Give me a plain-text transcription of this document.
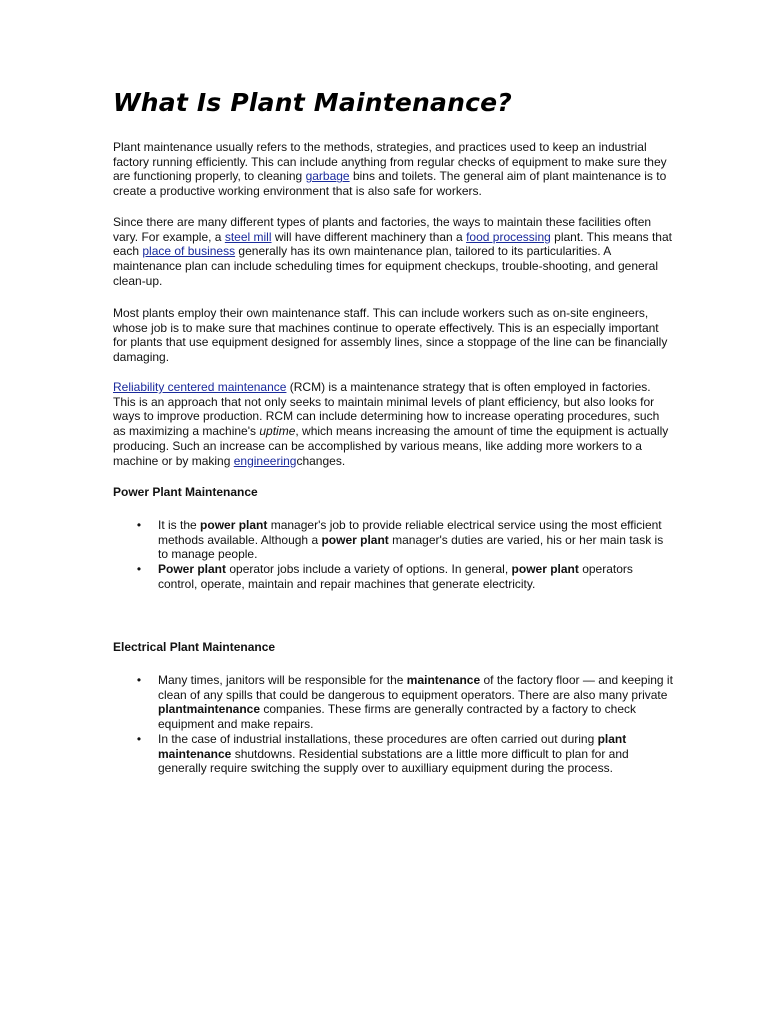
What Is Plant Maintenance?

Plant maintenance usually refers to the methods, strategies, and practices used to keep an industrial factory running efficiently. This can include anything from regular checks of equipment to make sure they are functioning properly, to cleaning garbage bins and toilets. The general aim of plant maintenance is to create a productive working environment that is also safe for workers.

Since there are many different types of plants and factories, the ways to maintain these facilities often vary. For example, a steel mill will have different machinery than a food processing plant. This means that each place of business generally has its own maintenance plan, tailored to its particularities. A maintenance plan can include scheduling times for equipment checkups, trouble-shooting, and general clean-up.

Most plants employ their own maintenance staff. This can include workers such as on-site engineers, whose job is to make sure that machines continue to operate effectively. This is an especially important for plants that use equipment designed for assembly lines, since a stoppage of the line can be financially damaging.

Reliability centered maintenance (RCM) is a maintenance strategy that is often employed in factories. This is an approach that not only seeks to maintain minimal levels of plant efficiency, but also looks for ways to improve production. RCM can include determining how to increase operating procedures, such as maximizing a machine's uptime, which means increasing the amount of time the equipment is actually producing. Such an increase can be accomplished by various means, like adding more workers to a machine or by making engineeringchanges.

Power Plant Maintenance
•	It is the power plant manager's job to provide reliable electrical service using the most efficient methods available. Although a power plant manager's duties are varied, his or her main task is to manage people.
•	Power plant operator jobs include a variety of options. In general, power plant operators control, operate, maintain and repair machines that generate electricity.
Electrical Plant Maintenance
•	Many times, janitors will be responsible for the maintenance of the factory floor — and keeping it clean of any spills that could be dangerous to equipment operators. There are also many private plantmaintenance companies. These firms are generally contracted by a factory to check equipment and make repairs.
•	In the case of industrial installations, these procedures are often carried out during plant maintenance shutdowns. Residential substations are a little more difficult to plan for and generally require switching the supply over to auxilliary equipment during the process.
